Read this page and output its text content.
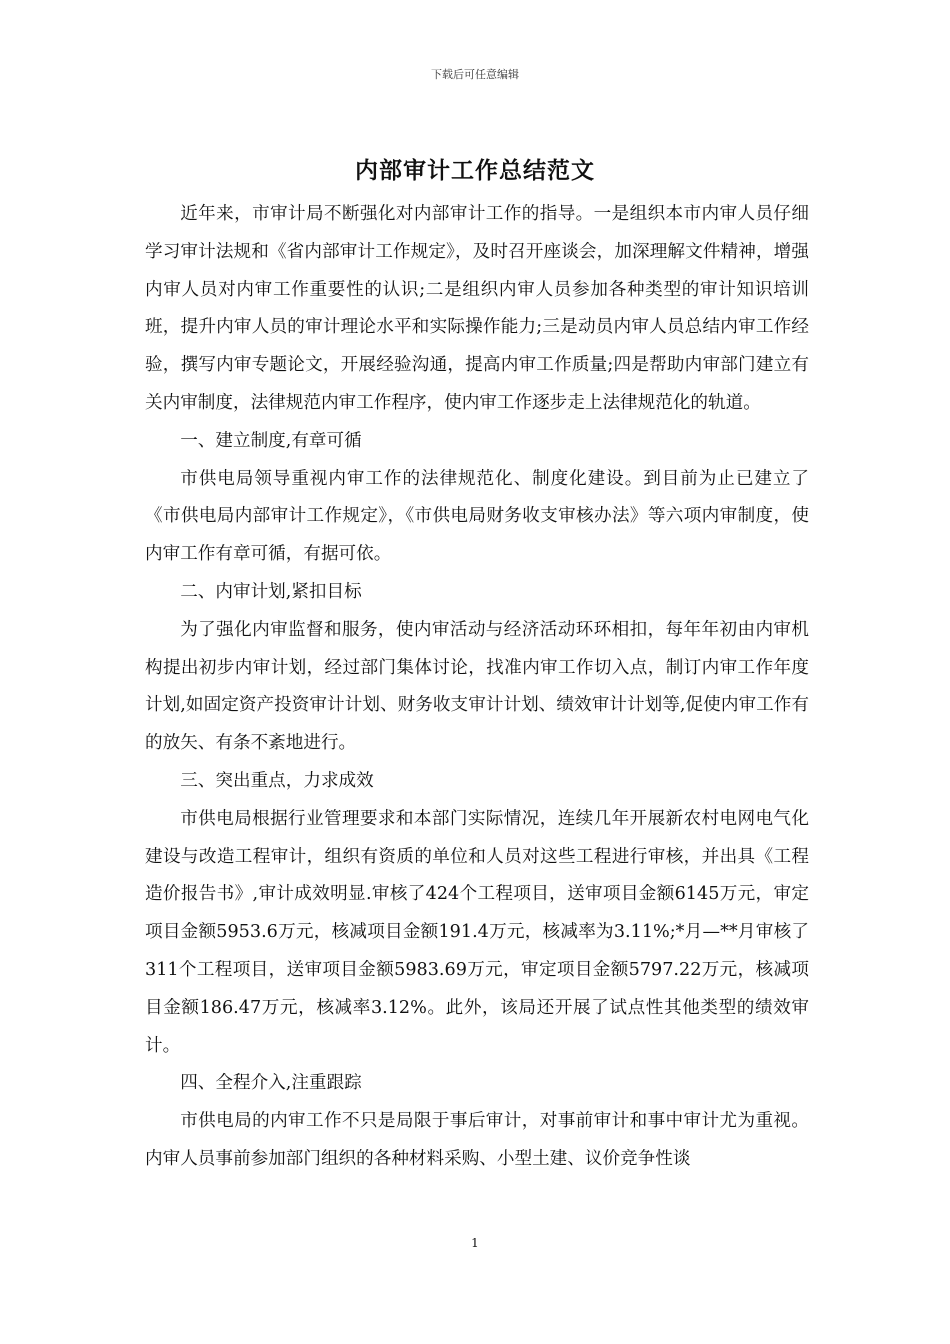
下载后可任意编辑
内部审计工作总结范文

近年来，市审计局不断强化对内部审计工作的指导。一是组织本市内审人员仔细学习审计法规和《省内部审计工作规定》，及时召开座谈会，加深理解文件精神，增强内审人员对内审工作重要性的认识;二是组织内审人员参加各种类型的审计知识培训班，提升内审人员的审计理论水平和实际操作能力;三是动员内审人员总结内审工作经验，撰写内审专题论文，开展经验沟通，提高内审工作质量;四是帮助内审部门建立有关内审制度，法律规范内审工作程序，使内审工作逐步走上法律规范化的轨道。

一、建立制度,有章可循

市供电局领导重视内审工作的法律规范化、制度化建设。到目前为止已建立了《市供电局内部审计工作规定》，《市供电局财务收支审核办法》等六项内审制度，使内审工作有章可循，有据可依。

二、内审计划,紧扣目标

为了强化内审监督和服务，使内审活动与经济活动环环相扣，每年年初由内审机构提出初步内审计划，经过部门集体讨论，找准内审工作切入点，制订内审工作年度计划,如固定资产投资审计计划、财务收支审计计划、绩效审计计划等,促使内审工作有的放矢、有条不紊地进行。

三、突出重点，力求成效

市供电局根据行业管理要求和本部门实际情况，连续几年开展新农村电网电气化建设与改造工程审计，组织有资质的单位和人员对这些工程进行审核，并出具《工程造价报告书》,审计成效明显.审核了424个工程项目，送审项目金额6145万元，审定项目金额5953.6万元，核减项目金额191.4万元，核减率为3.11%;*月—**月审核了311个工程项目，送审项目金额5983.69万元，审定项目金额5797.22万元，核减项目金额186.47万元，核减率3.12%。此外，该局还开展了试点性其他类型的绩效审计。

四、全程介入,注重跟踪

市供电局的内审工作不只是局限于事后审计，对事前审计和事中审计尤为重视。内审人员事前参加部门组织的各种材料采购、小型土建、议价竞争性谈

1
